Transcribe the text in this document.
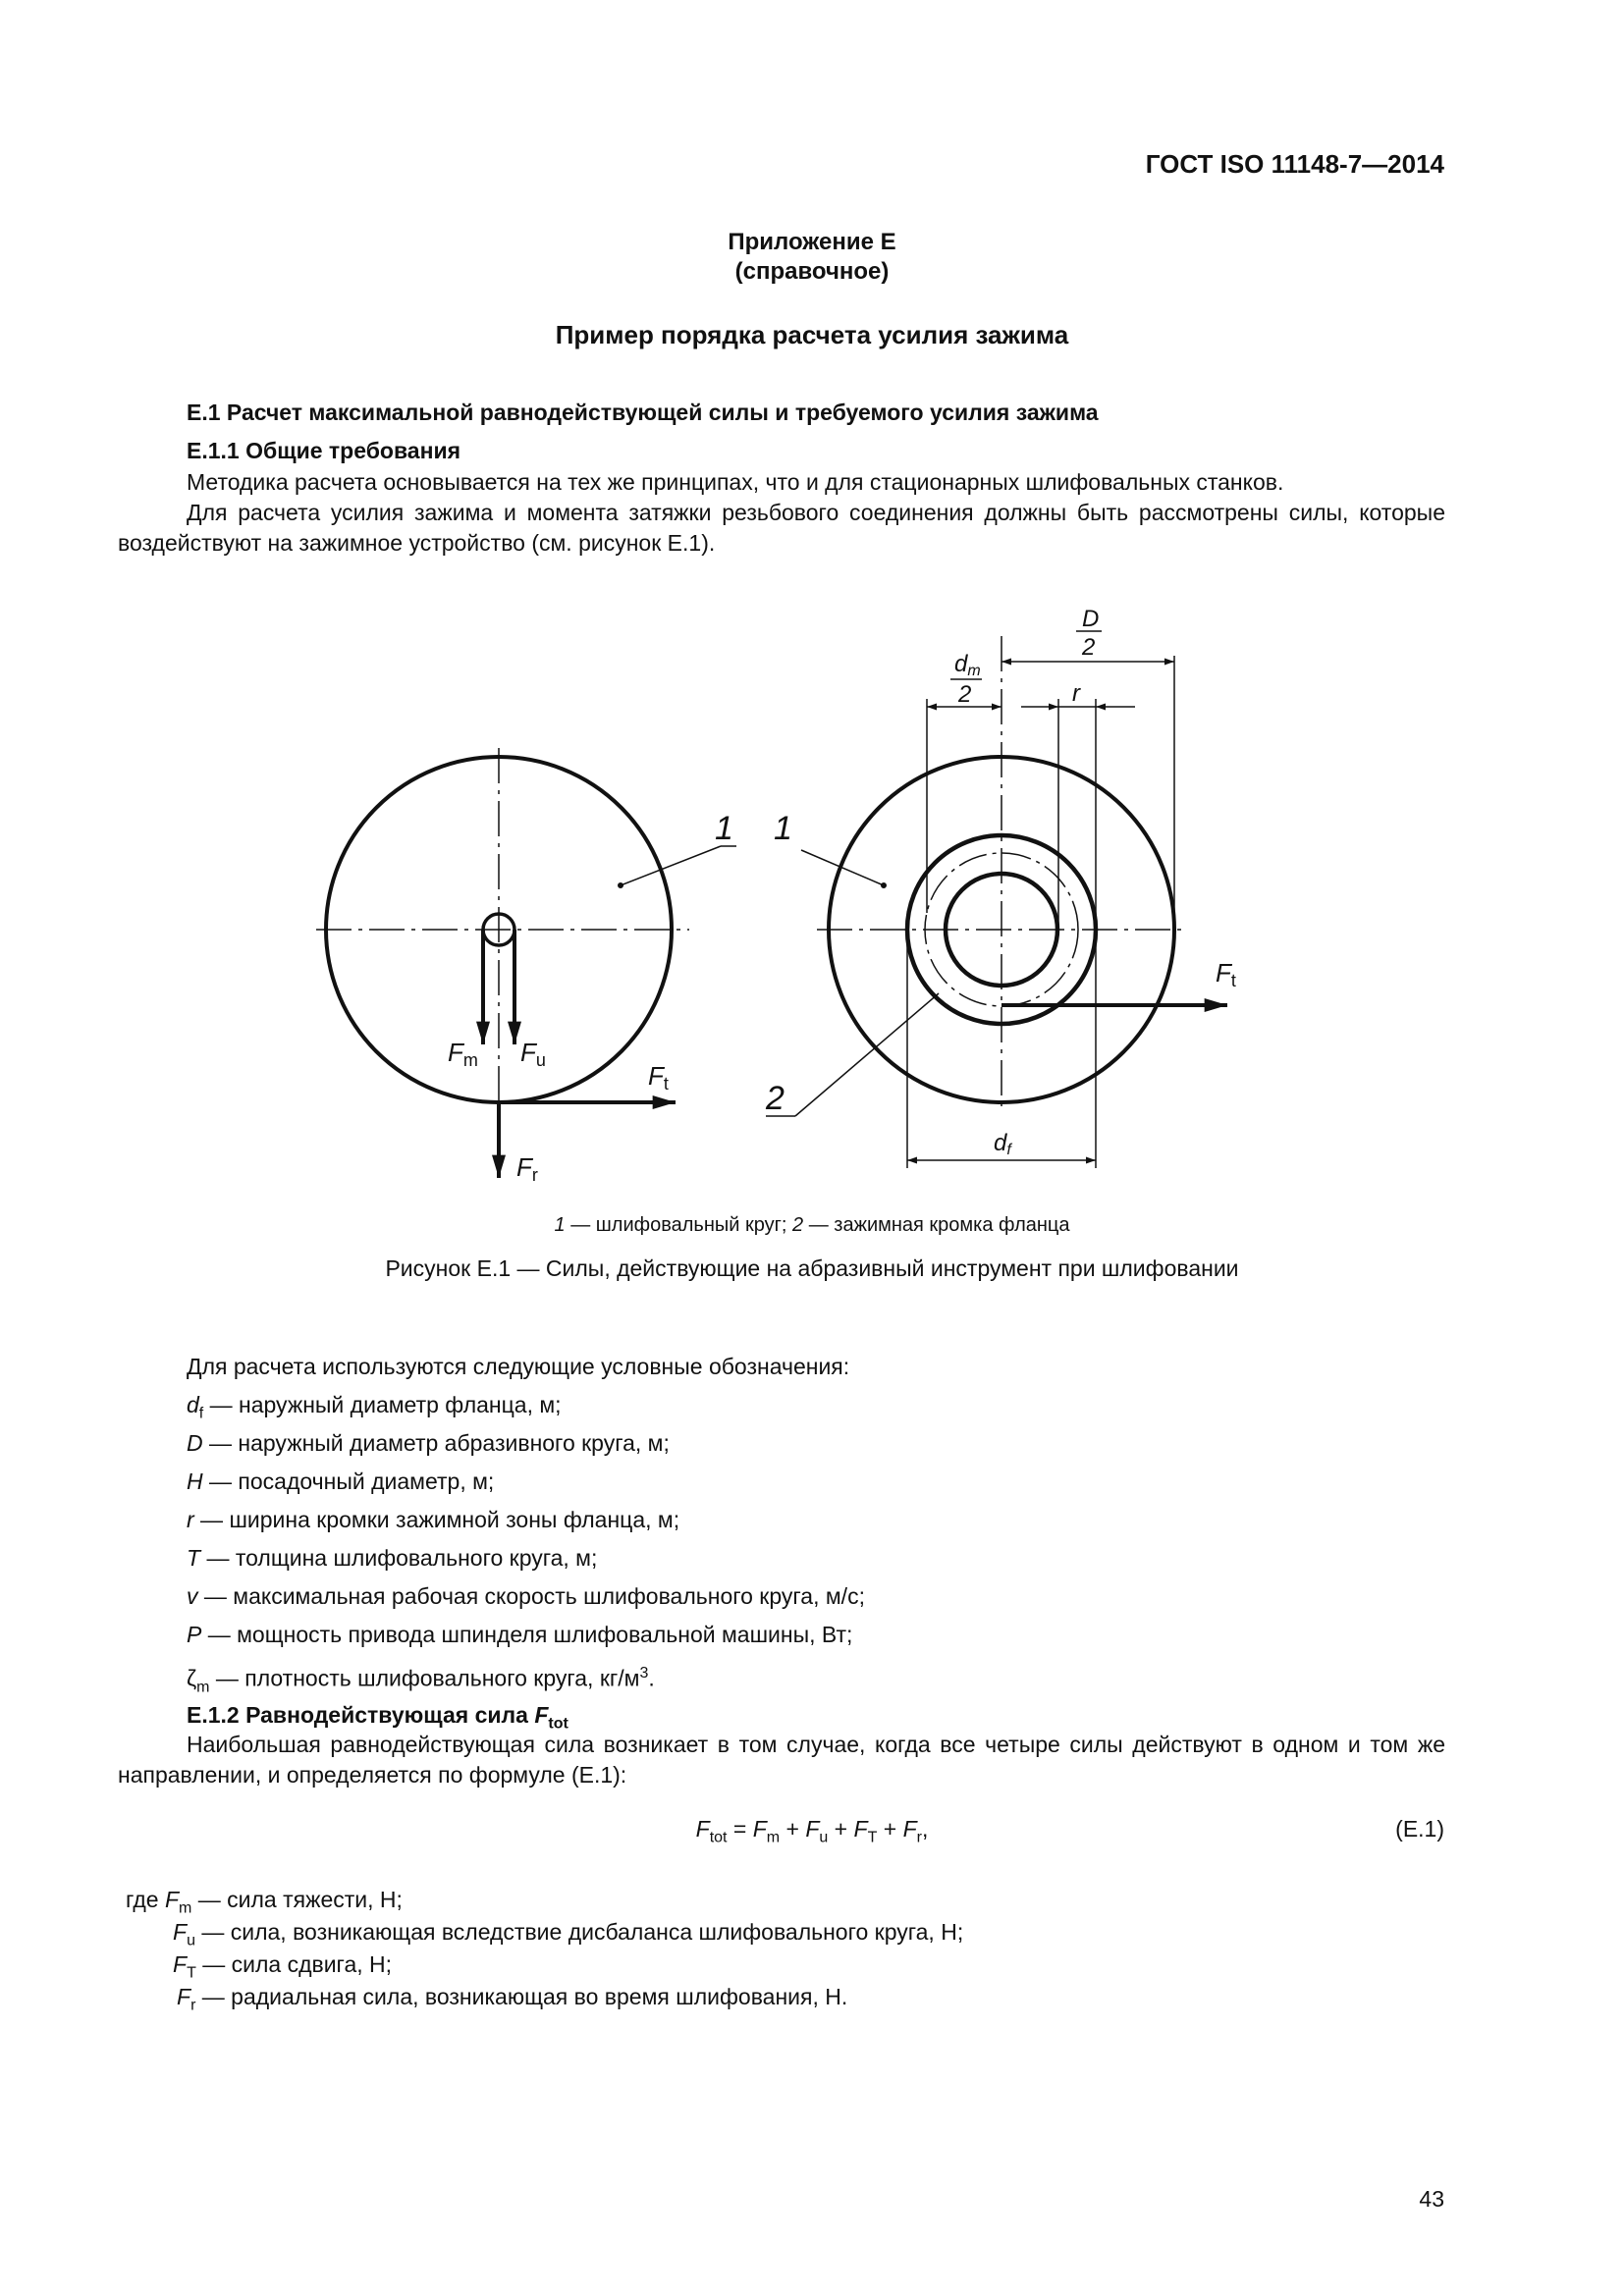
ГОСТ ISO 11148-7—2014
Приложение Е
(справочное)
Пример порядка расчета усилия зажима
Е.1 Расчет максимальной равнодействующей силы и требуемого усилия зажима
Е.1.1 Общие требования
Методика расчета основывается на тех же принципах, что и для стационарных шлифовальных станков.
Для расчета усилия зажима и момента затяжки резьбового соединения должны быть рассмотрены силы, которые воздействуют на зажимное устройство (см. рисунок Е.1).
1
Fm Fu
Ft
Fr
1
2
Ft
D
2
dm
2	r
df
1 — шлифовальный круг; 2 — зажимная кромка фланца
Рисунок Е.1 — Силы, действующие на абразивный инструмент при шлифовании
Для расчета используются следующие условные обозначения:
$d_f$ — наружный диаметр фланца, м;
D — наружный диаметр абразивного круга, м;
H — посадочный диаметр, м;
r — ширина кромки зажимной зоны фланца, м;
T — толщина шлифовального круга, м;
v — максимальная рабочая скорость шлифовального круга, м/с;
P — мощность привода шпинделя шлифовальной машины, Вт;
$\zeta_m$ — плотность шлифовального круга, $кг/м^3$.
Е.1.2 Равнодействующая сила $F_{tot}$
Наибольшая равнодействующая сила возникает в том случае, когда все четыре силы действуют в одном и том же направлении, и определяется по формуле (Е.1):
$F_{tot} = F_m + F_u + F_T + F_r$,	(Е.1)
где $F_m$ — сила тяжести, Н;
$F_u$ — сила, возникающая вследствие дисбаланса шлифовального круга, Н;
$F_T$ — сила сдвига, Н;
$F_r$ — радиальная сила, возникающая во время шлифования, Н.
43
